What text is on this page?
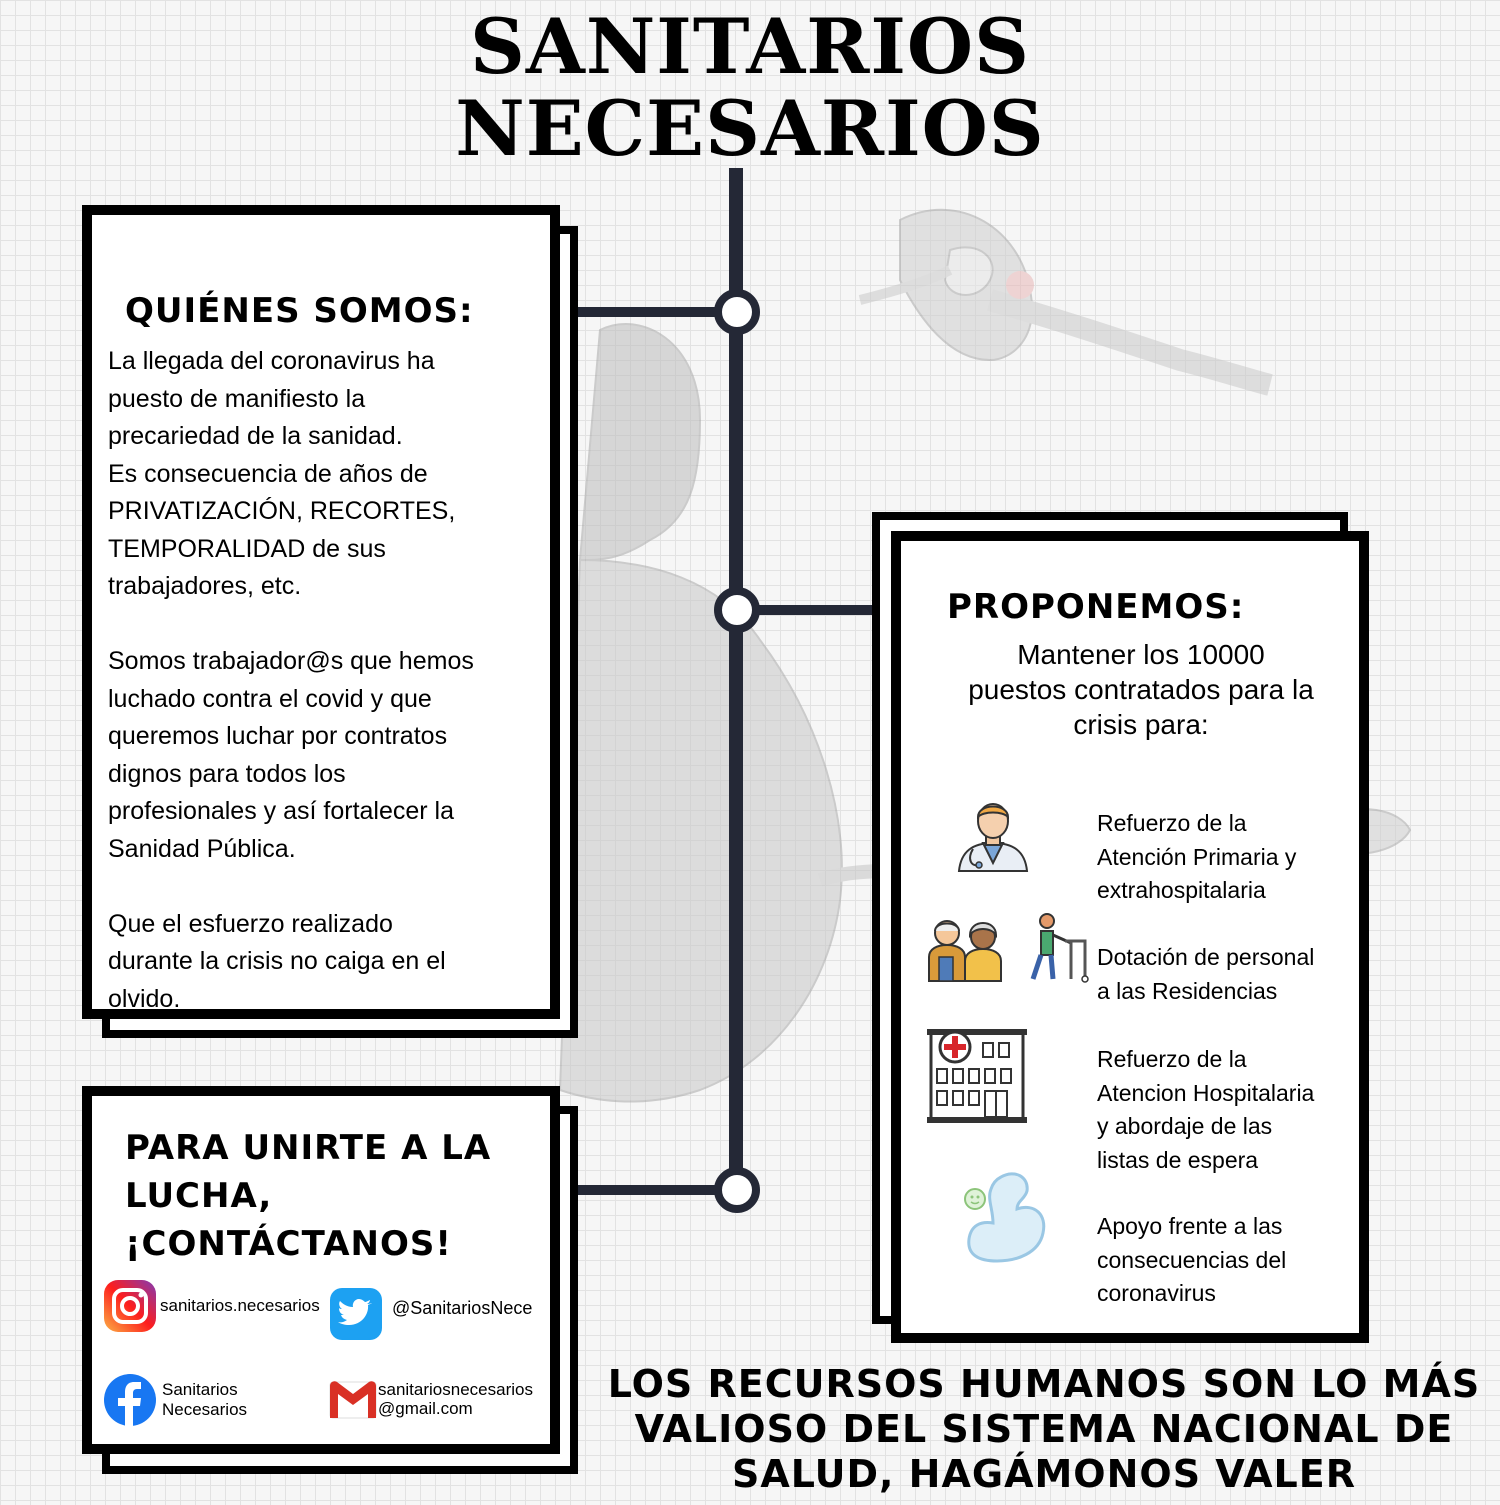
SANITARIOS
NECESARIOS
QUIÉNES SOMOS:

La llegada del coronavirus ha
puesto de manifiesto la
precariedad de la sanidad.
Es consecuencia de años de
PRIVATIZACIÓN, RECORTES,
TEMPORALIDAD de sus
trabajadores, etc.

Somos trabajador@s que hemos
luchado contra el covid y que
queremos luchar por contratos
dignos para todos los
profesionales y así fortalecer la
Sanidad Pública.

Que el esfuerzo realizado
durante la crisis no caiga en el
olvido.

PROPONEMOS:

Mantener los 10000
puestos contratados para la
crisis para:

Refuerzo de la
Atención Primaria y
extrahospitalaria

Dotación de personal
a las Residencias

Refuerzo de la
Atencion Hospitalaria
y abordaje de las
listas de espera

Apoyo frente a las
consecuencias del
coronavirus

PARA UNIRTE A LA
LUCHA,
¡CONTÁCTANOS!
sanitarios.necesarios	@SanitariosNece
Sanitarios
Necesarios
sanitariosnecesarios
@gmail.com
LOS RECURSOS HUMANOS SON LO MÁS
VALIOSO DEL SISTEMA NACIONAL DE
SALUD, HAGÁMONOS VALER
